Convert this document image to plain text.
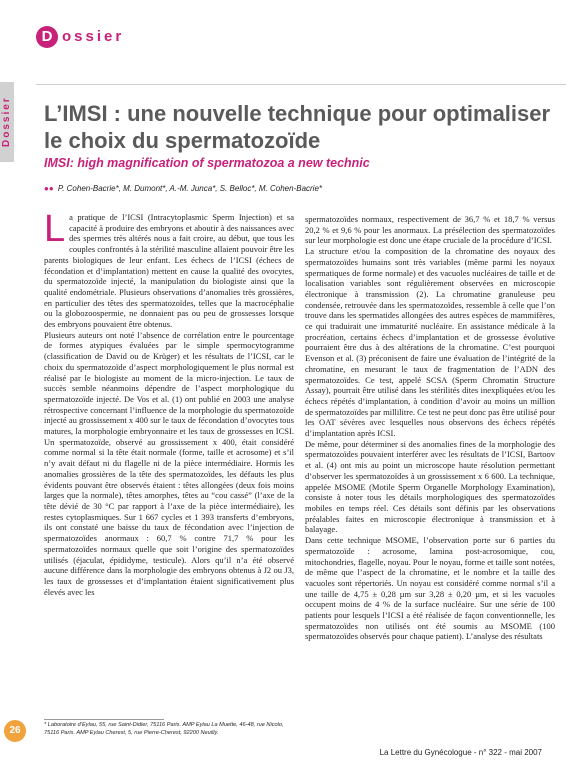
D ossier
Dossier L’IMSI : une nouvelle technique pour optimaliser le choix du spermatozoïde
IMSI: high magnification of spermatozoa a new technic
●● P. Cohen-Bacrie*, M. Dumont*, A.-M. Junca*, S. Belloc*, M. Cohen-Bacrie*
L a pratique de l’ICSI (Intracytoplasmic Sperm Injection) et sa capacité à produire des embryons et aboutir à des naissances avec des spermes très altérés nous a fait croire, au début, que tous les couples confrontés à la stérilité masculine allaient pouvoir être les parents biologiques de leur enfant. Les échecs de l’ICSI (échecs de fécondation et d’implantation) mettent en cause la qualité des ovocytes, du spermatozoïde injecté, la manipulation du biologiste ainsi que la qualité endométriale. Plusieurs observations d’anomalies très grossières, en particulier des têtes des spermatozoïdes, telles que la macrocéphalie ou la globozoospermie, ne donnaient pas ou peu de grossesses lorsque des embryons pouvaient être obtenus.

Plusieurs auteurs ont noté l’absence de corrélation entre le pourcentage de formes atypiques évaluées par le simple spermocytogramme (classification de David ou de Krüger) et les résultats de l’ICSI, car le choix du spermatozoïde d’aspect morphologiquement le plus normal est réalisé par le biologiste au moment de la micro-injection. Le taux de succès semble néanmoins dépendre de l’aspect morphologique du spermatozoïde injecté. De Vos et al. (1) ont publié en 2003 une analyse rétrospective concernant l’influence de la morphologie du spermatozoïde injecté au grossissement x 400 sur le taux de fécondation d’ovocytes tous matures, la morphologie embryonnaire et les taux de grossesses en ICSI. Un spermatozoïde, observé au grossissement x 400, était considéré comme normal si la tête était normale (forme, taille et acrosome) et s’il n’y avait défaut ni du flagelle ni de la pièce intermédiaire. Hormis les anomalies grossières de la tête des spermatozoïdes, les défauts les plus évidents pouvant être observés étaient : têtes allongées (deux fois moins larges que la normale), têtes amorphes, têtes au “cou cassé” (l’axe de la tête dévié de 30 °C par rapport à l’axe de la pièce intermédiaire), les restes cytoplasmiques. Sur 1 667 cycles et 1 393 transferts d’embryons, ils ont constaté une baisse du taux de fécondation avec l’injection de spermatozoïdes anormaux : 60,7 % contre 71,7 % pour les spermatozoïdes normaux quelle que soit l’origine des spermatozoïdes utilisés (éjaculat, épididyme, testicule). Alors qu’il n’a été observé aucune différence dans la morphologie des embryons obtenus à J2 ou J3, les taux de grossesses et d’implantation étaient significativement plus élevés avec les

spermatozoïdes normaux, respectivement de 36,7 % et 18,7 % versus 20,2 % et 9,6 % pour les anormaux. La présélection des spermatozoïdes sur leur morphologie est donc une étape cruciale de la procédure d’ICSI.

La structure et/ou la composition de la chromatine des noyaux des spermatozoïdes humains sont très variables (même parmi les noyaux spermatiques de forme normale) et des vacuoles nucléaires de taille et de localisation variables sont régulièrement observées en microscopie électronique à transmission (2). La chromatine granuleuse peu condensée, retrouvée dans les spermatozoïdes, ressemble à celle que l’on trouve dans les spermatides allongées des autres espèces de mammifères, ce qui traduirait une immaturité nucléaire. En assistance médicale à la procréation, certains échecs d’implantation et de grossesse évolutive pourraient être dus à des altérations de la chromatine. C’est pourquoi Evenson et al. (3) préconisent de faire une évaluation de l’intégrité de la chromatine, en mesurant le taux de fragmentation de l’ADN des spermatozoïdes. Ce test, appelé SCSA (Sperm Chromatin Structure Assay), pourrait être utilisé dans les stérilités dites inexpliquées et/ou les échecs répétés d’implantation, à condition d’avoir au moins un million de spermatozoïdes par millilitre. Ce test ne peut donc pas être utilisé pour les OAT sévères avec lesquelles nous observons des échecs répétés d’implantation après ICSI.

De même, pour déterminer si des anomalies fines de la morphologie des spermatozoïdes pouvaient interférer avec les résultats de l’ICSI, Bartoov et al. (4) ont mis au point un microscope haute résolution permettant d’observer les spermatozoïdes à un grossissement x 6 600. La technique, appelée MSOME (Motile Sperm Organelle Morphology Examination), consiste à noter tous les détails morphologiques des spermatozoïdes mobiles en temps réel. Ces détails sont définis par les observations préalables faites en microscopie électronique à transmission et à balayage.

Dans cette technique MSOME, l’observation porte sur 6 parties du spermatozoïde : acrosome, lamina post-acrosomique, cou, mitochondries, flagelle, noyau. Pour le noyau, forme et taille sont notées, de même que l’aspect de la chromatine, et le nombre et la taille des vacuoles sont répertoriés. Un noyau est considéré comme normal s’il a une taille de 4,75 ± 0,28 µm sur 3,28 ± 0,20 µm, et si les vacuoles occupent moins de 4 % de la surface nucléaire. Sur une série de 100 patients pour lesquels l’ICSI a été réalisée de façon conventionnelle, les spermatozoïdes non utilisés ont été soumis au MSOME (100 spermatozoïdes observés pour chaque patient). L’analyse des résultats

* Laboratoire d’Eylau, 55, rue Saint-Didier, 75116 Paris. AMP Eylau La Muette, 46-48, rue Nicolo, 75116 Paris. AMP Eylau Cherest, 5, rue Pierre-Cherest, 92200 Neuilly.
26
La Lettre du Gynécologue - n° 322 - mai 2007
